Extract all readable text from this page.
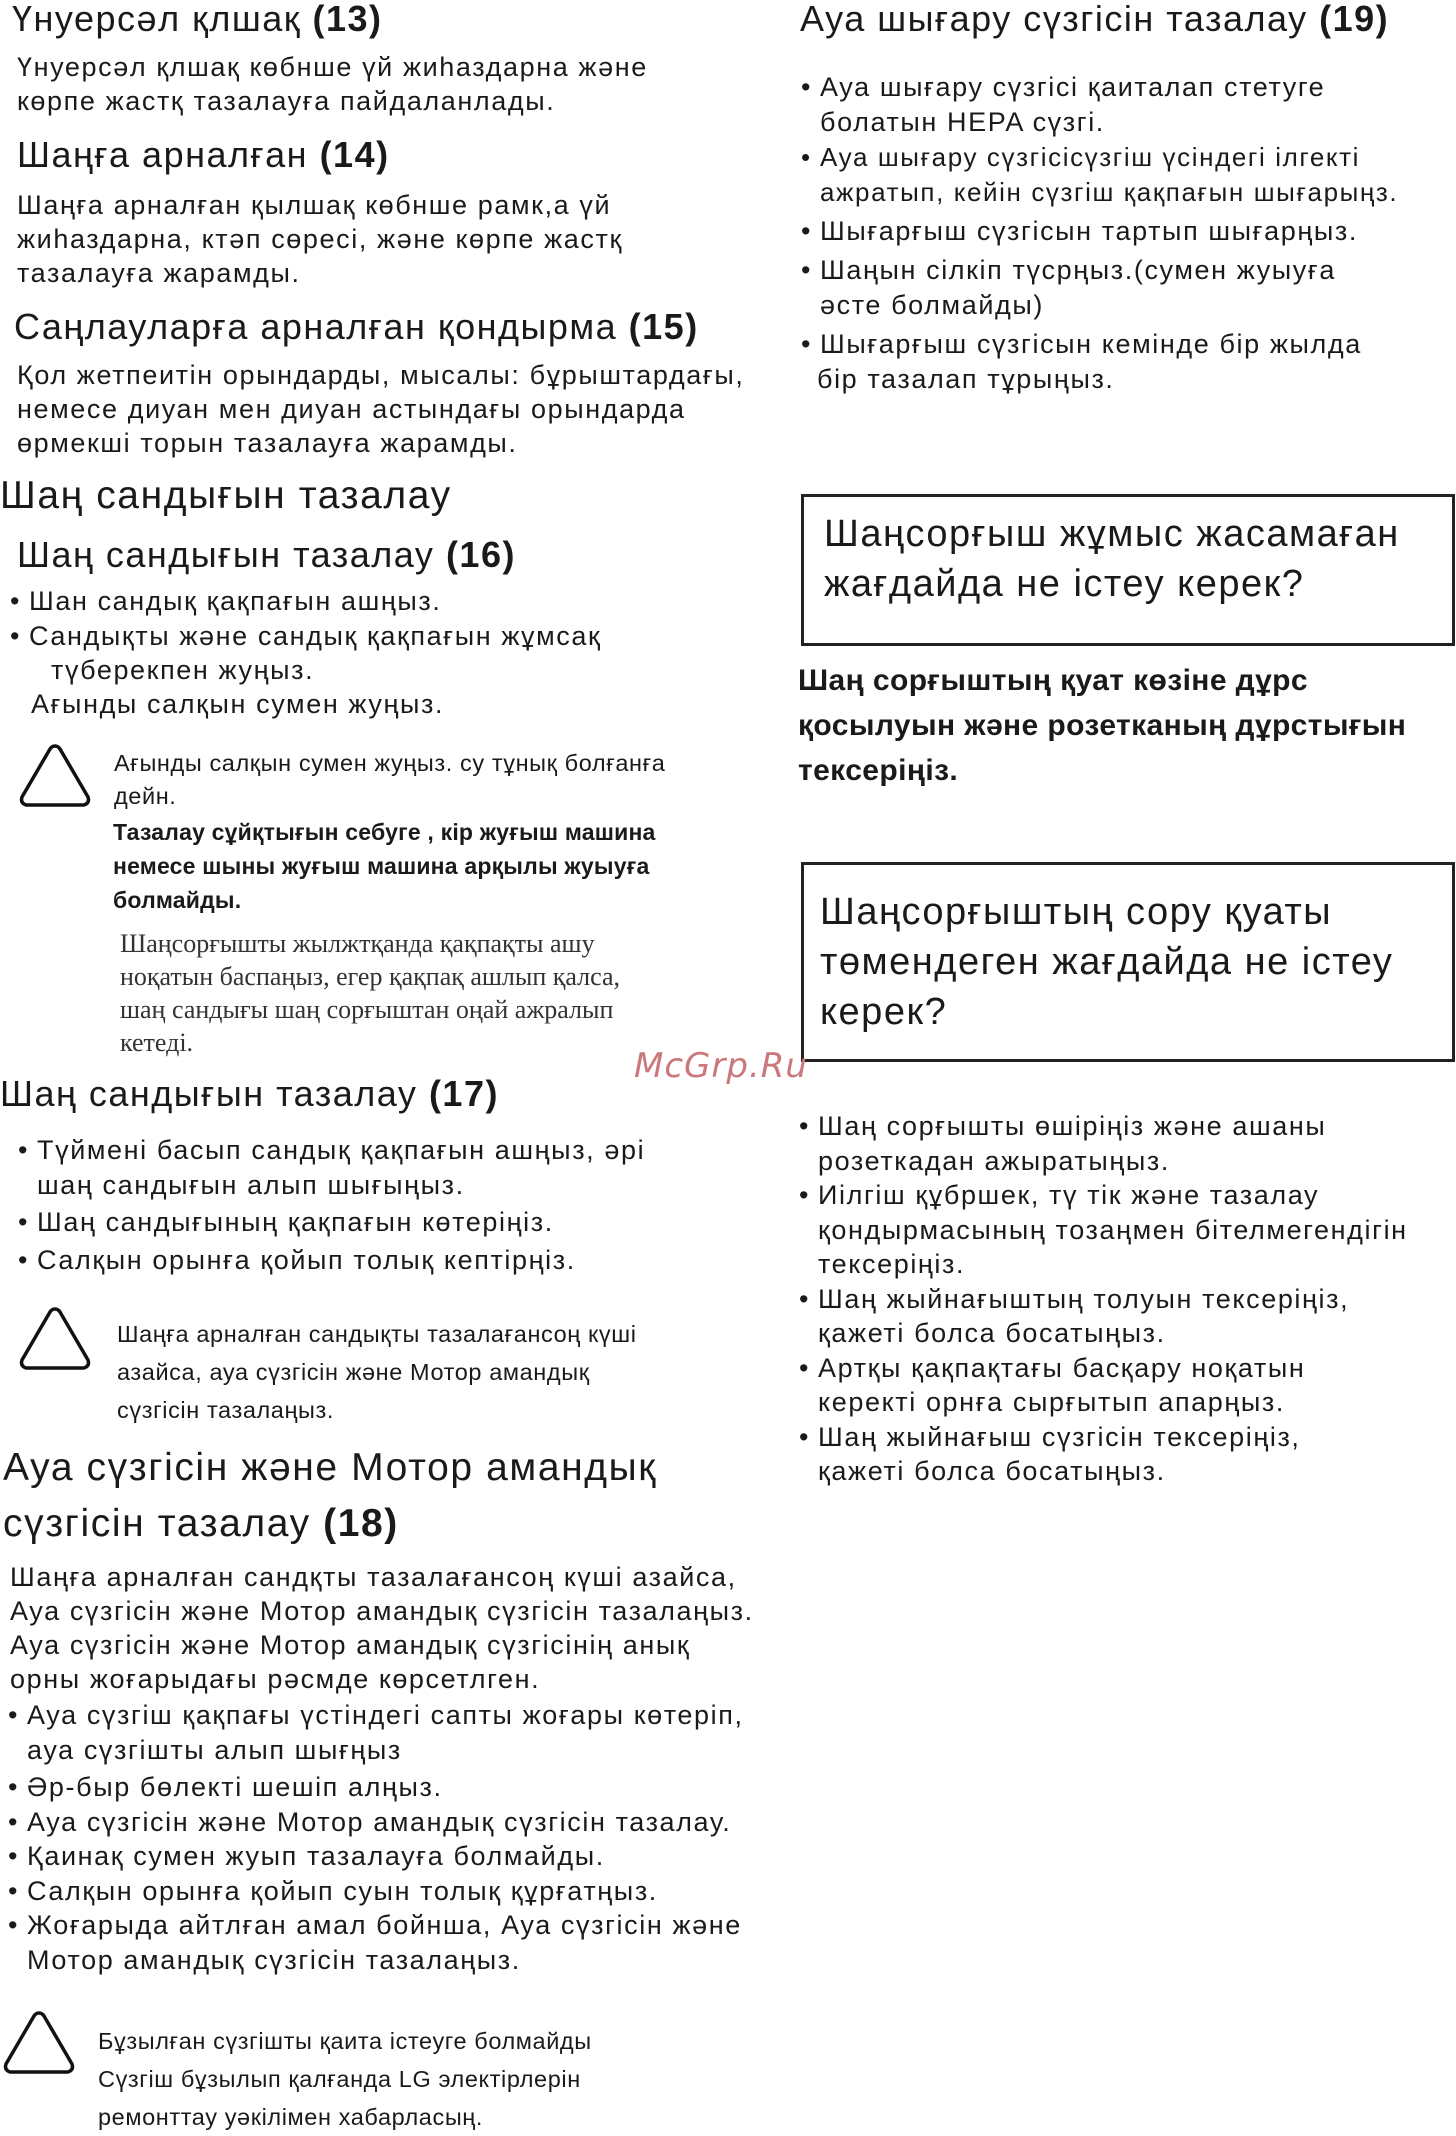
Үнуерсәл қлшақ (13)
Үнуерсәл қлшақ көбнше үй жиһаздарна және
көрпе жастқ тазалауға пайдаланлады.
Шаңға арналған (14)
Шаңға арналған қылшақ көбнше рамк,а үй
жиһаздарна, ктәп сөресі, және көрпе жастқ
тазалауға жарамды.
Саңлауларға арналған қондырма (15)
Қол жетпеитін орындарды, мысалы: бұрыштардағы,
немесе диуан мен диуан астындағы орындарда
өрмекші торын тазалауға жарамды.
Шаң сандығын тазалау
Шаң сандығын тазалау (16)
• Шан сандық қақпағын ашңыз.
• Сандықты және сандық қақпағын жұмсақ
түберекпен жуңыз.
Ағынды салқын сумен жуңыз.
Ағынды салқын сумен жуңыз. су тұнық болғанға
дейн.
Тазалау сұйқтығын себуге , кір жуғыш машина
немесе шыны жуғыш машина арқылы жуыуға
болмайды.
Шаңсорғышты жылжтқанда қақпақты ашу
ноқатын баспаңыз, егер қақпақ ашлып қалса,
шаң сандығы шаң сорғыштан оңай ажралып
кетеді.
Шаң сандығын тазалау (17)
• Түймені басып сандық қақпағын ашңыз, әрі
шаң сандығын алып шығыңыз.
• Шаң сандығының қақпағын көтеріңіз.
• Салқын орынға қойып толық кептірңіз.
Шаңға арналған сандықты тазалағансоң күші
азайса, ауа сүзгісін және Мотор амандық
сүзгісін тазалаңыз.
Ауа сүзгісін және Мотор амандық
сүзгісін тазалау (18)
Шаңға арналған сандқты тазалағансоң күші азайса,
Ауа сүзгісін және Мотор амандық сүзгісін тазалаңыз.
Ауа сүзгісін және Мотор амандық сүзгісінің анық
орны жоғарыдағы рәсмде көрсетлген.
• Ауа сүзгіш қақпағы үстіндегі сапты жоғары көтеріп,
ауа сүзгішты алып шығңыз
• Әр-быр бөлекті шешіп алңыз.
• Ауа сүзгісін және Мотор амандық сүзгісін тазалау.
• Қаинақ сумен жуып тазалауға болмайды.
• Салқын орынға қойып суын толық құрғатңыз.
• Жоғарыда айтлған амал бойнша, Ауа сүзгісін және
Мотор амандық сүзгісін тазалаңыз.
Бұзылған сүзгішты қаита істеуге болмайды
Сүзгіш бұзылып қалғанда LG электірлерін
ремонттау уәкілімен хабарласың.
Ауа шығару сүзгісін тазалау (19)
• Ауа шығару сүзгісі қаиталап стетуге
болатын HEPA сүзгі.
• Ауа шығару сүзгісісүзгіш үсіндегі ілгекті
ажратып, кейін сүзгіш қақпағын шығарыңз.
• Шығарғыш сүзгісын тартып шығарңыз.
• Шаңын сілкіп түсрңыз.(сумен жуыуға
әсте болмайды)
• Шығарғыш сүзгісын кемінде бір жылда
бір тазалап тұрыңыз.
Шаңсорғыш жұмыс жасамаған
жағдайда не істеу керек?
Шаң сорғыштың қуат көзіне дұрс
қосылуын және розетканың дұрстығын
тексеріңіз.
Шаңсорғыштың сору қуаты
төмендеген жағдайда не істеу
керек?
• Шаң сорғышты өшіріңіз және ашаны
розеткадан ажыратыңыз.
• Иілгіш құбршек, тү тік және тазалау
қондырмасының тозаңмен бітелмегендігін
тексеріңіз.
• Шаң жыйнағыштың толуын тексеріңіз,
қажеті болса босатыңыз.
• Артқы қақпақтағы басқару ноқатын
керекті орнға сырғытып апарңыз.
• Шаң жыйнағыш сүзгісін тексеріңіз,
қажеті болса босатыңыз.
McGrp.Ru
